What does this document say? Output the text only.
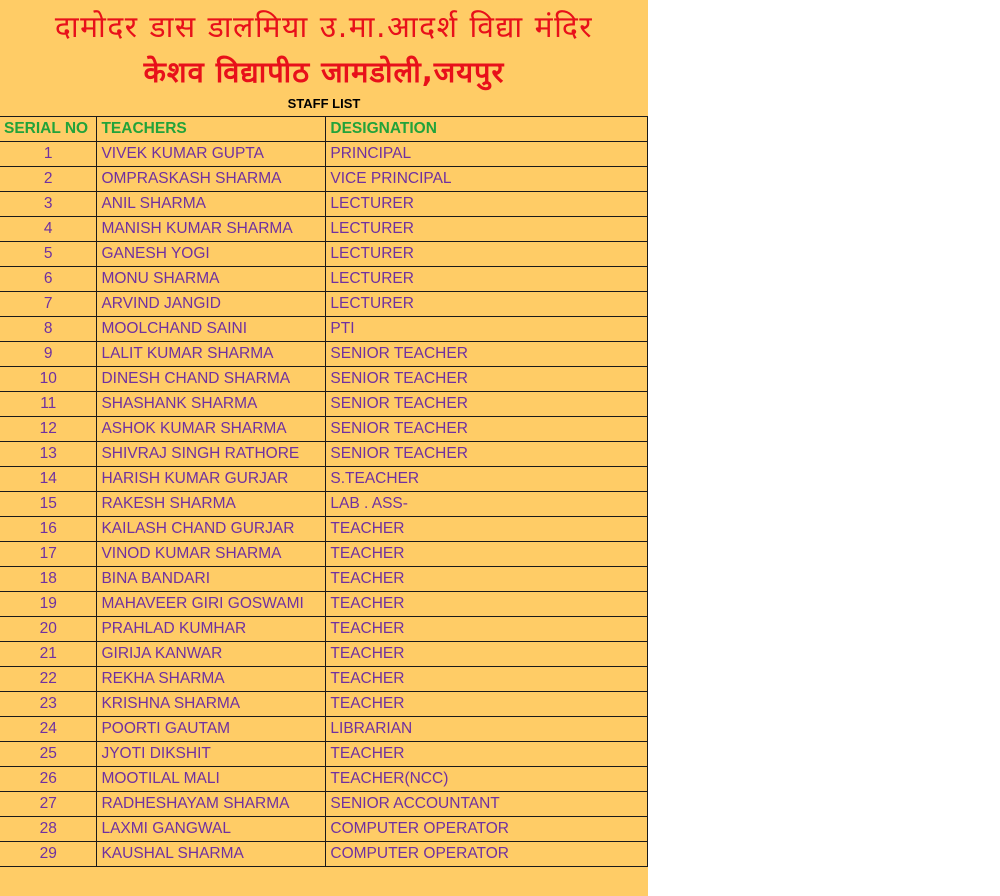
दामोदर डास डालमिया उ.मा.आदर्श विद्या मंदिर
केशव विद्यापीठ जामडोली,जयपुर
STAFF LIST
SERIAL NO	TEACHERS	DESIGNATION
1	VIVEK KUMAR GUPTA	PRINCIPAL
2	OMPRASKASH SHARMA	VICE PRINCIPAL
3	ANIL SHARMA	LECTURER
4	MANISH KUMAR SHARMA	LECTURER
5	GANESH YOGI	LECTURER
6	MONU SHARMA	LECTURER
7	ARVIND JANGID	LECTURER
8	MOOLCHAND SAINI	PTI
9	LALIT KUMAR SHARMA	SENIOR TEACHER
10	DINESH CHAND SHARMA	SENIOR TEACHER
11	SHASHANK SHARMA	SENIOR TEACHER
12	ASHOK KUMAR SHARMA	SENIOR TEACHER
13	SHIVRAJ SINGH RATHORE	SENIOR TEACHER
14	HARISH KUMAR GURJAR	S.TEACHER
15	RAKESH SHARMA	LAB . ASS-
16	KAILASH CHAND GURJAR	TEACHER
17	VINOD KUMAR SHARMA	TEACHER
18	BINA BANDARI	TEACHER
19	MAHAVEER GIRI GOSWAMI	TEACHER
20	PRAHLAD KUMHAR	TEACHER
21	GIRIJA KANWAR	TEACHER
22	REKHA SHARMA	TEACHER
23	KRISHNA SHARMA	TEACHER
24	POORTI GAUTAM	LIBRARIAN
25	JYOTI DIKSHIT	TEACHER
26	MOOTILAL MALI	TEACHER(NCC)
27	RADHESHAYAM SHARMA	SENIOR ACCOUNTANT
28	LAXMI GANGWAL	COMPUTER OPERATOR
29	KAUSHAL SHARMA	COMPUTER OPERATOR
